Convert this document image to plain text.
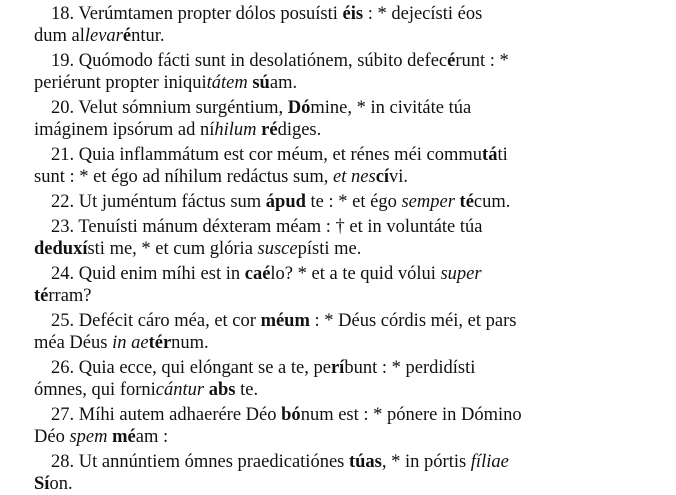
18. Verúmtamen propter dólos posuísti éis : * dejecísti éos
dum allevaréntur.
19. Quómodo fácti sunt in desolatiónem, súbito defecérunt : *
periérunt propter iniquitátem súam.
20. Velut sómnium surgéntium, Dómine, * in civitáte túa
imáginem ipsórum ad níhilum rédiges.
21. Quia inflammátum est cor méum, et rénes méi commutáti
sunt : * et égo ad níhilum redáctus sum, et nescívi.
22. Ut juméntum fáctus sum ápud te : * et égo semper técum.
23. Tenuísti mánum déxteram méam : † et in voluntáte túa
deduxísti me, * et cum glória suscepísti me.
24. Quid enim míhi est in caélo? * et a te quid vólui super
térram?
25. Defécit cáro méa, et cor méum : * Déus córdis méi, et pars
méa Déus in aetérnum.
26. Quia ecce, qui elóngant se a te, períbunt : * perdidísti
ómnes, qui fornicántur abs te.
27. Míhi autem adhaerére Déo bónum est : * pónere in Dómino
Déo spem méam :
28. Ut annúntiem ómnes praedicatiónes túas, * in pórtis fíliae
Síon.
